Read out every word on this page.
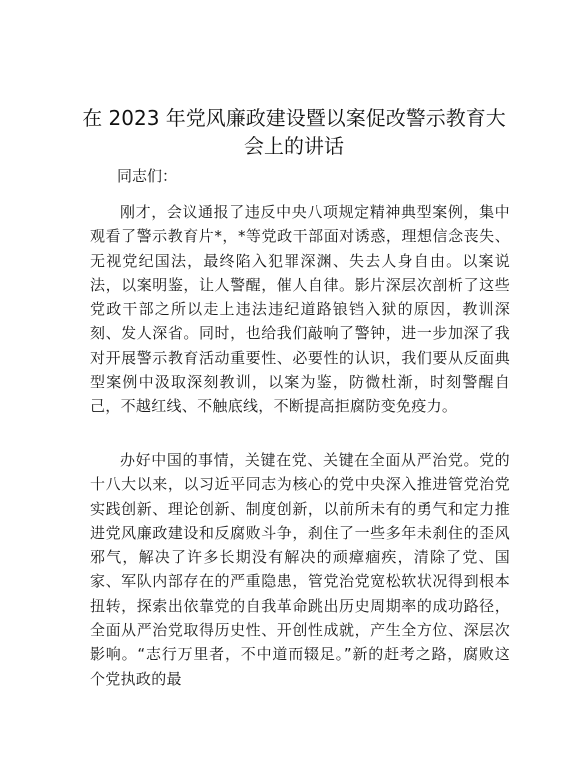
在 2023 年党风廉政建设暨以案促改警示教育大会上的讲话

同志们：

刚才，会议通报了违反中央八项规定精神典型案例，集中观看了警示教育片*，*等党政干部面对诱惑，理想信念丧失、无视党纪国法，最终陷入犯罪深渊、失去人身自由。以案说法，以案明鉴，让人警醒，催人自律。影片深层次剖析了这些党政干部之所以走上违法违纪道路锒铛入狱的原因，教训深刻、发人深省。同时，也给我们敲响了警钟，进一步加深了我对开展警示教育活动重要性、必要性的认识，我们要从反面典型案例中汲取深刻教训，以案为鉴，防微杜渐，时刻警醒自己，不越红线、不触底线，不断提高拒腐防变免疫力。

办好中国的事情，关键在党、关键在全面从严治党。党的十八大以来，以习近平同志为核心的党中央深入推进管党治党实践创新、理论创新、制度创新，以前所未有的勇气和定力推进党风廉政建设和反腐败斗争，刹住了一些多年未刹住的歪风邪气，解决了许多长期没有解决的顽瘴痼疾，清除了党、国家、军队内部存在的严重隐患，管党治党宽松软状况得到根本扭转，探索出依靠党的自我革命跳出历史周期率的成功路径，全面从严治党取得历史性、开创性成就，产生全方位、深层次影响。“志行万里者，不中道而辍足。”新的赶考之路，腐败这个党执政的最
